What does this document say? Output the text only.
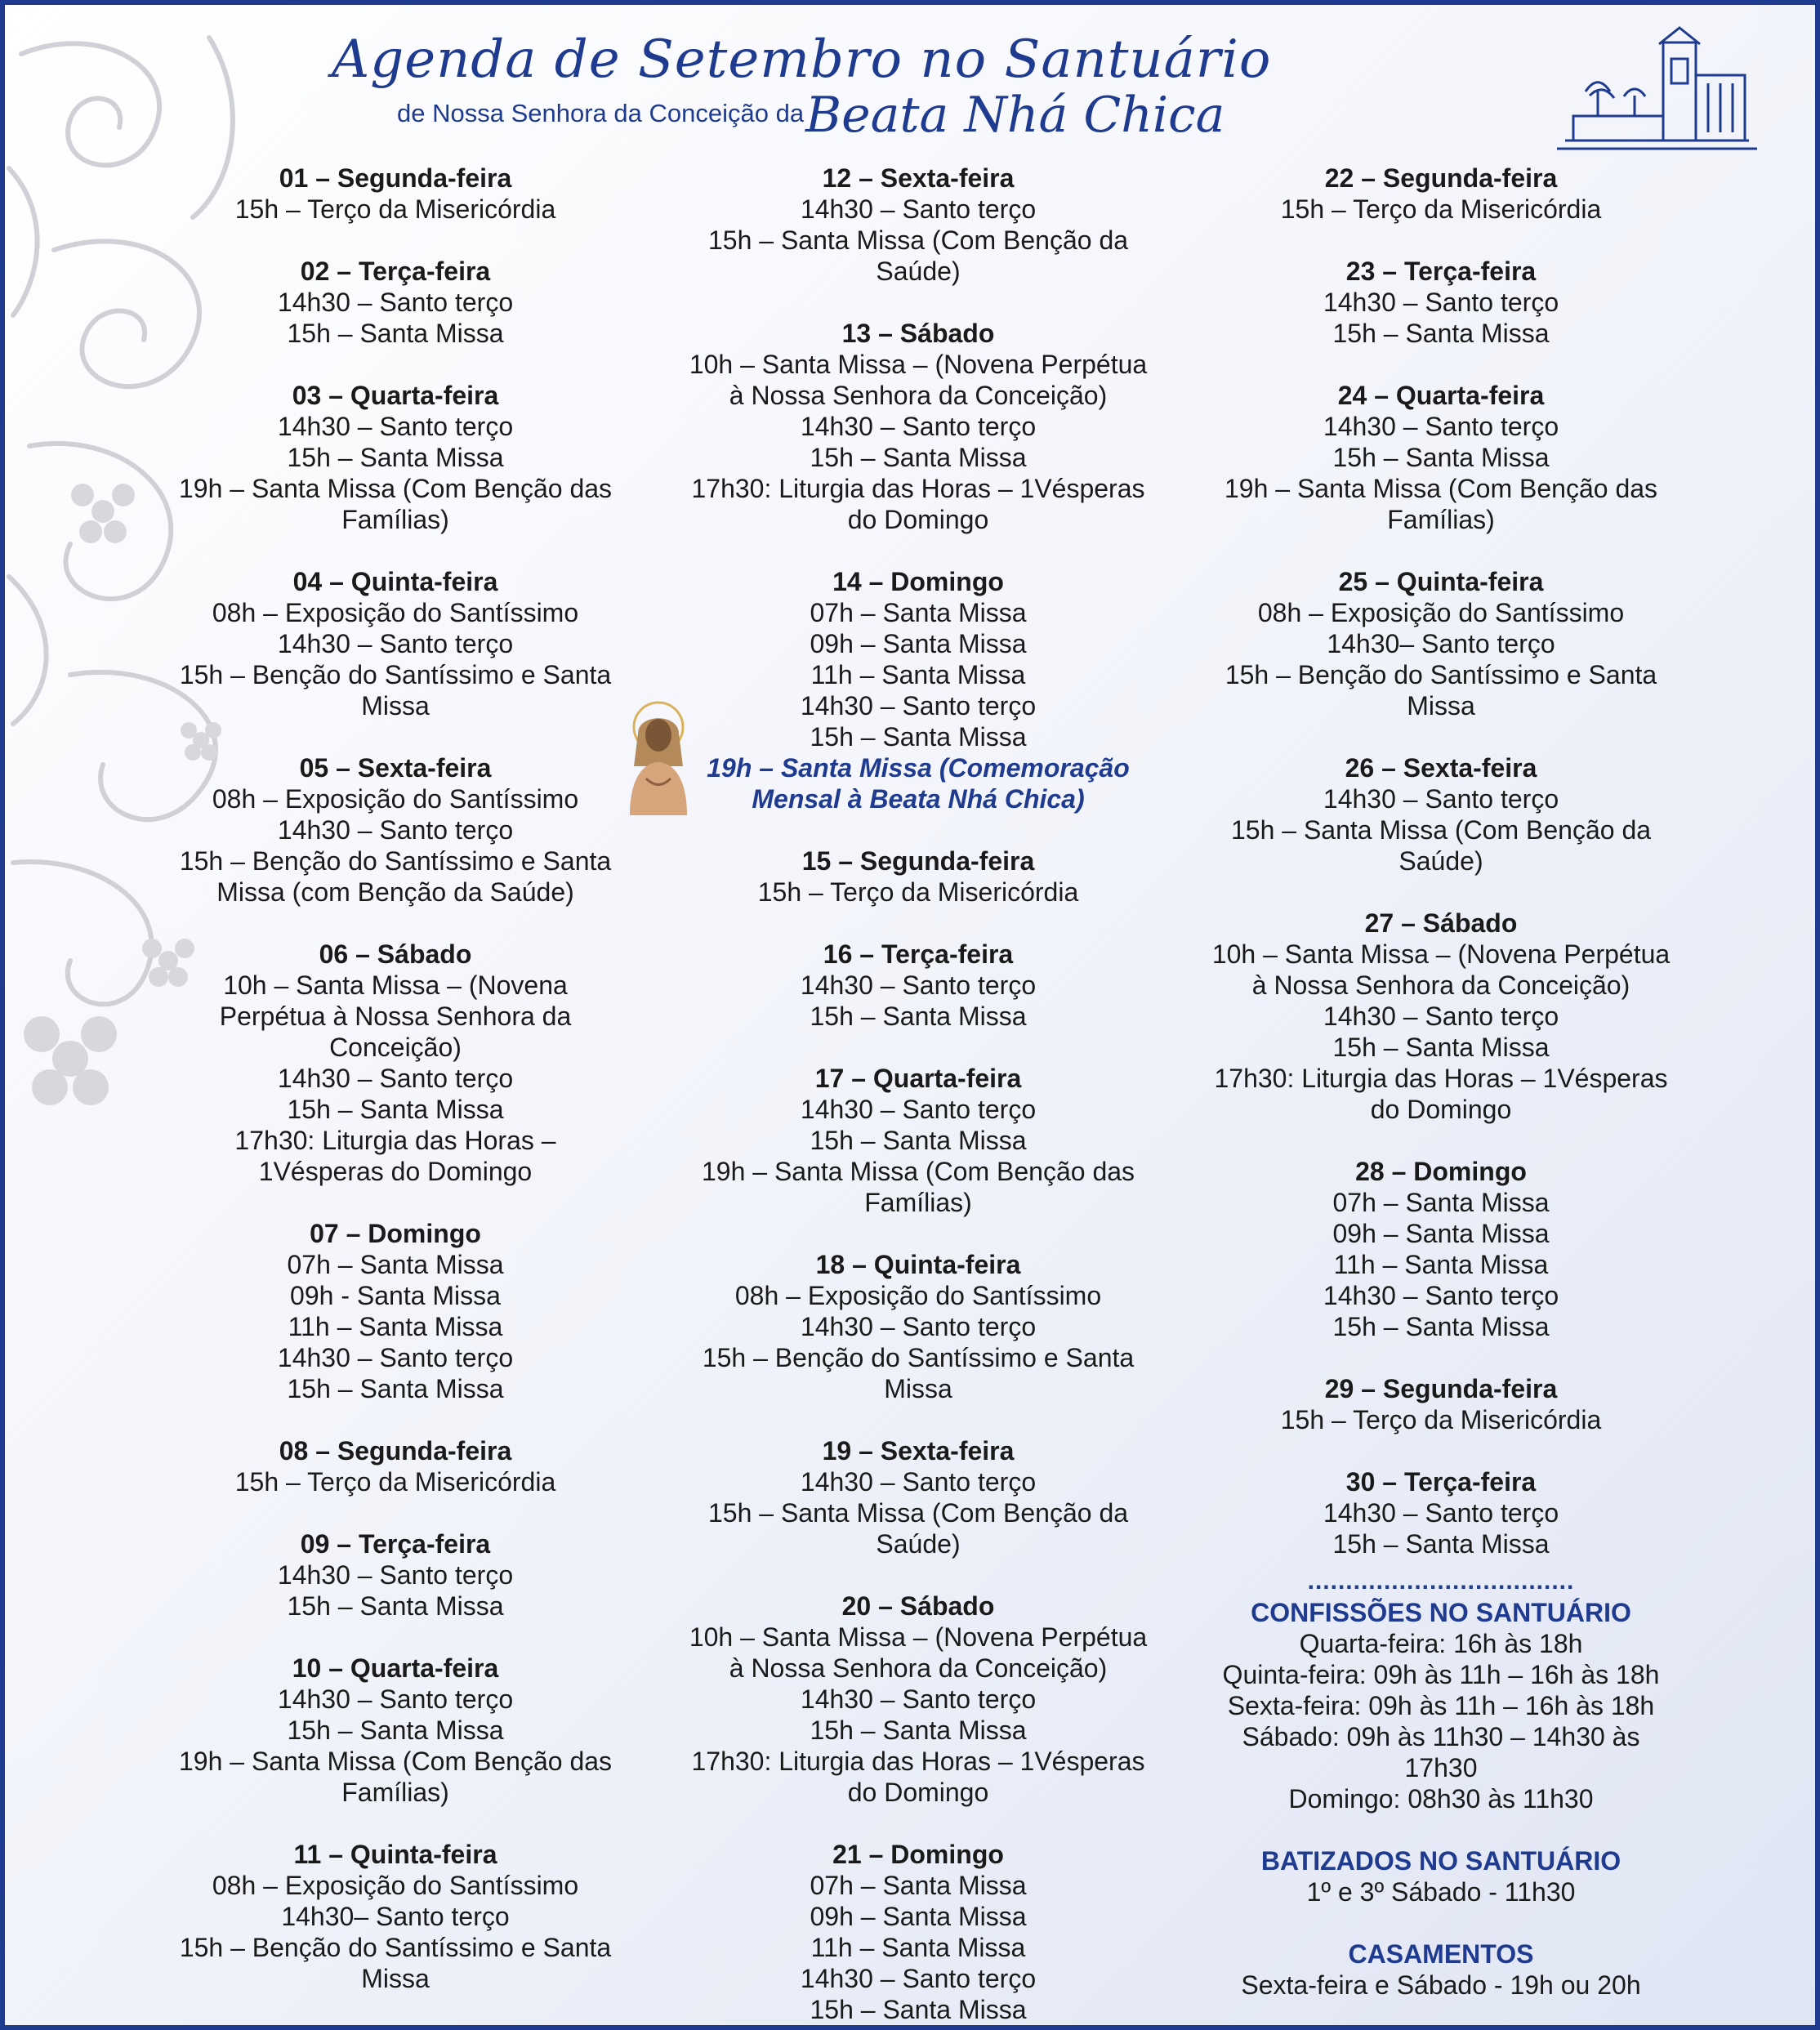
Agenda de Setembro no Santuário
de Nossa Senhora da Conceição da Beata Nhá Chica
01 – Segunda-feira
15h – Terço da Misericórdia
02 – Terça-feira
14h30 – Santo terço
15h – Santa Missa
03 – Quarta-feira
14h30 – Santo terço
15h – Santa Missa
19h – Santa Missa (Com Benção das
Famílias)
04 – Quinta-feira
08h – Exposição do Santíssimo
14h30 – Santo terço
15h – Benção do Santíssimo e Santa
Missa
05 – Sexta-feira
08h – Exposição do Santíssimo
14h30 – Santo terço
15h – Benção do Santíssimo e Santa
Missa (com Benção da Saúde)
06 – Sábado
10h – Santa Missa – (Novena
Perpétua à Nossa Senhora da
Conceição)
14h30 – Santo terço
15h – Santa Missa
17h30: Liturgia das Horas –
1Vésperas do Domingo
07 – Domingo
07h – Santa Missa
09h - Santa Missa
11h – Santa Missa
14h30 – Santo terço
15h – Santa Missa
08 – Segunda-feira
15h – Terço da Misericórdia
09 – Terça-feira
14h30 – Santo terço
15h – Santa Missa
10 – Quarta-feira
14h30 – Santo terço
15h – Santa Missa
19h – Santa Missa (Com Benção das
Famílias)
11 – Quinta-feira
08h – Exposição do Santíssimo
14h30– Santo terço
15h – Benção do Santíssimo e Santa
Missa
12 – Sexta-feira
14h30 – Santo terço
15h – Santa Missa (Com Benção da
Saúde)
13 – Sábado
10h – Santa Missa – (Novena Perpétua
à Nossa Senhora da Conceição)
14h30 – Santo terço
15h – Santa Missa
17h30: Liturgia das Horas – 1Vésperas
do Domingo
14 – Domingo
07h – Santa Missa
09h – Santa Missa
11h – Santa Missa
14h30 – Santo terço
15h – Santa Missa
19h – Santa Missa (Comemoração
Mensal à Beata Nhá Chica)
15 – Segunda-feira
15h – Terço da Misericórdia
16 – Terça-feira
14h30 – Santo terço
15h – Santa Missa
17 – Quarta-feira
14h30 – Santo terço
15h – Santa Missa
19h – Santa Missa (Com Benção das
Famílias)
18 – Quinta-feira
08h – Exposição do Santíssimo
14h30 – Santo terço
15h – Benção do Santíssimo e Santa
Missa
19 – Sexta-feira
14h30 – Santo terço
15h – Santa Missa (Com Benção da
Saúde)
20 – Sábado
10h – Santa Missa – (Novena Perpétua
à Nossa Senhora da Conceição)
14h30 – Santo terço
15h – Santa Missa
17h30: Liturgia das Horas – 1Vésperas
do Domingo
21 – Domingo
07h – Santa Missa
09h – Santa Missa
11h – Santa Missa
14h30 – Santo terço
15h – Santa Missa
22 – Segunda-feira
15h – Terço da Misericórdia
23 – Terça-feira
14h30 – Santo terço
15h – Santa Missa
24 – Quarta-feira
14h30 – Santo terço
15h – Santa Missa
19h – Santa Missa (Com Benção das
Famílias)
25 – Quinta-feira
08h – Exposição do Santíssimo
14h30– Santo terço
15h – Benção do Santíssimo e Santa
Missa
26 – Sexta-feira
14h30 – Santo terço
15h – Santa Missa (Com Benção da
Saúde)
27 – Sábado
10h – Santa Missa – (Novena Perpétua
à Nossa Senhora da Conceição)
14h30 – Santo terço
15h – Santa Missa
17h30: Liturgia das Horas – 1Vésperas
do Domingo
28 – Domingo
07h – Santa Missa
09h – Santa Missa
11h – Santa Missa
14h30 – Santo terço
15h – Santa Missa
29 – Segunda-feira
15h – Terço da Misericórdia
30 – Terça-feira
14h30 – Santo terço
15h – Santa Missa
...................................
CONFISSÕES NO SANTUÁRIO
Quarta-feira: 16h às 18h
Quinta-feira: 09h às 11h – 16h às 18h
Sexta-feira: 09h às 11h – 16h às 18h
Sábado: 09h às 11h30 – 14h30 às
17h30
Domingo: 08h30 às 11h30
BATIZADOS NO SANTUÁRIO
1º e 3º Sábado - 11h30
CASAMENTOS
Sexta-feira e Sábado - 19h ou 20h
